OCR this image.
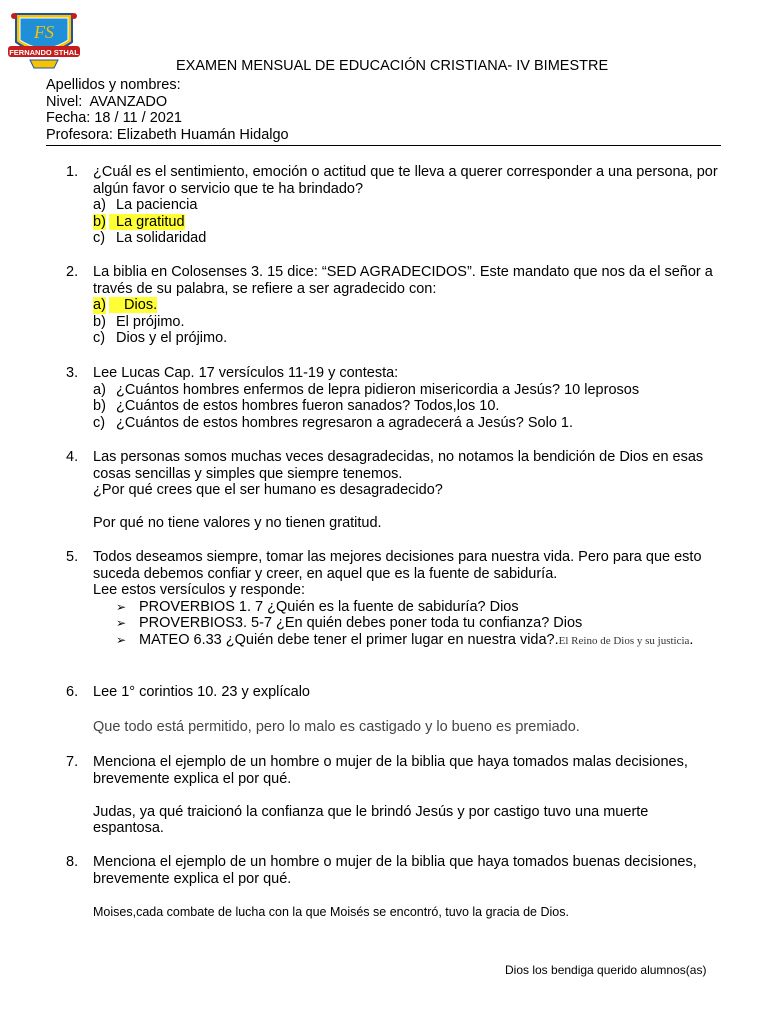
FS
FERNANDO STHAL
EXAMEN MENSUAL DE EDUCACIÓN CRISTIANA- IV BIMESTRE
Apellidos y nombres:
Nivel:  AVANZADO
Fecha: 18 / 11 / 2021
Profesora: Elizabeth Huamán Hidalgo
1. ¿Cuál es el sentimiento, emoción o actitud que te lleva a querer corresponder a una persona, por algún favor o servicio que te ha brindado?
a) La paciencia
b) La gratitud
c) La solidaridad
2. La biblia en Colosenses 3. 15 dice: “SED AGRADECIDOS”. Este mandato que nos da el señor a través de su palabra, se refiere a ser agradecido con:
a) Dios.
b) El prójimo.
c) Dios y el prójimo.
3. Lee Lucas Cap. 17 versículos 11-19 y contesta:
a) ¿Cuántos hombres enfermos de lepra pidieron misericordia a Jesús? 10 leprosos
b) ¿Cuántos de estos hombres fueron sanados? Todos,los 10.
c) ¿Cuántos de estos hombres regresaron a agradecerá a Jesús? Solo 1.
4. Las personas somos muchas veces desagradecidas, no notamos la bendición de Dios en esas cosas sencillas y simples que siempre tenemos.
¿Por qué crees que el ser humano es desagradecido?
Por qué no tiene valores y no tienen gratitud.
5. Todos deseamos siempre, tomar las mejores decisiones para nuestra vida. Pero para que esto suceda debemos confiar y creer, en aquel que es la fuente de sabiduría.
Lee estos versículos y responde:
➢ PROVERBIOS 1. 7 ¿Quién es la fuente de sabiduría? Dios
➢ PROVERBIOS3. 5-7 ¿En quién debes poner toda tu confianza? Dios
➢ MATEO 6.33 ¿Quién debe tener el primer lugar en nuestra vida?.El Reino de Dios y su justicia.
6. Lee 1° corintios 10. 23 y explícalo
Que todo está permitido, pero lo malo es castigado y lo bueno es premiado.
7. Menciona el ejemplo de un hombre o mujer de la biblia que haya tomados malas decisiones, brevemente explica el por qué.
Judas, ya qué traicionó la confianza que le brindó Jesús y por castigo tuvo una muerte espantosa.
8. Menciona el ejemplo de un hombre o mujer de la biblia que haya tomados buenas decisiones, brevemente explica el por qué.
Moises,cada combate de lucha con la que Moisés se encontró, tuvo la gracia de Dios.
Dios los bendiga querido alumnos(as)
